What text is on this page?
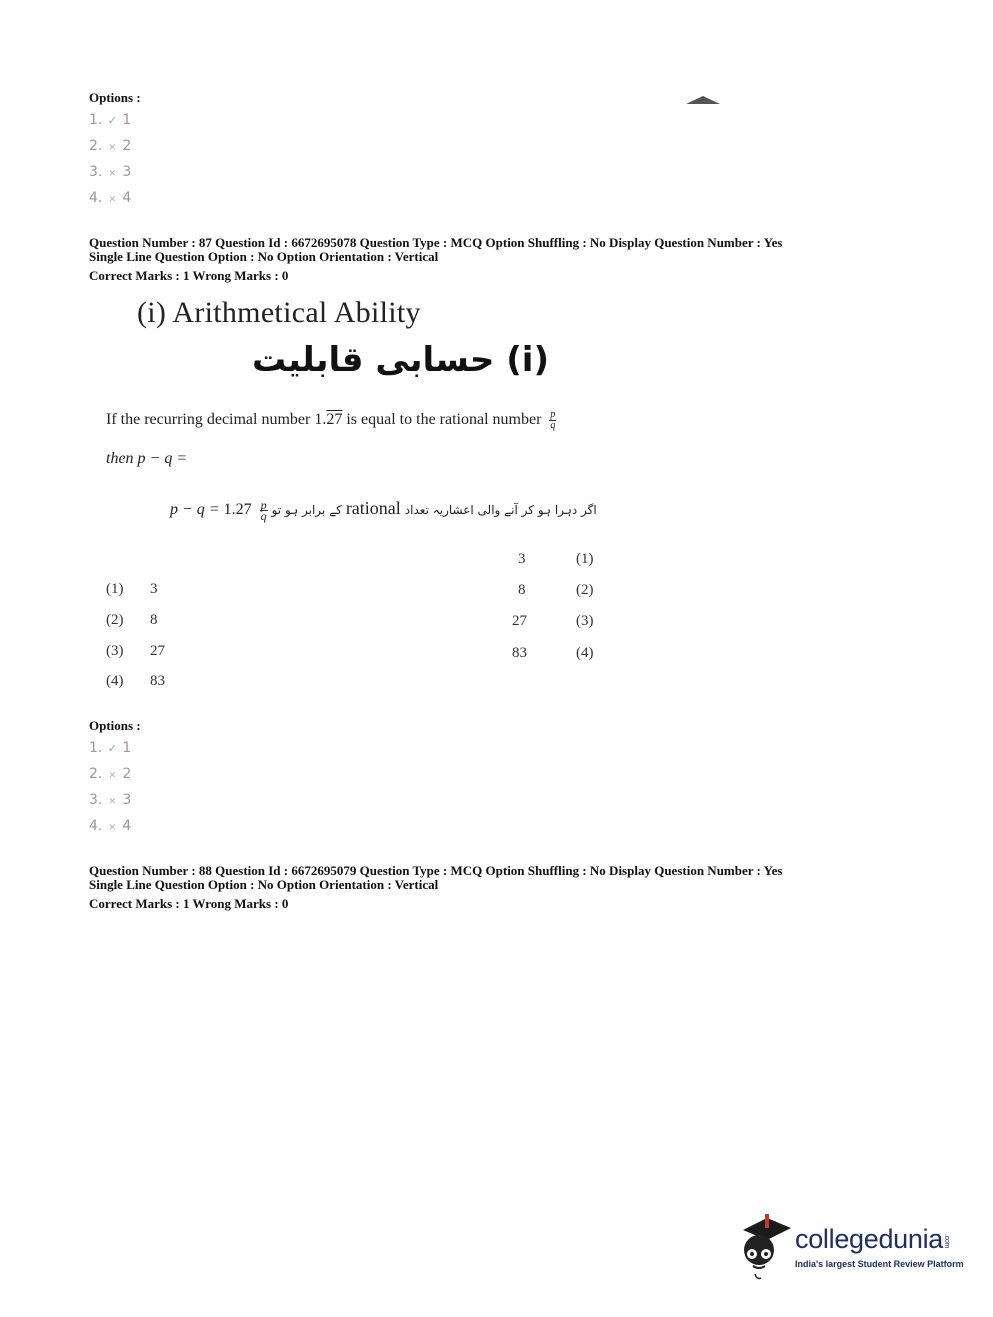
Options :
1. ✓ 1
2. ✕ 2
3. ✕ 3
4. ✕ 4
Question Number : 87 Question Id : 6672695078 Question Type : MCQ Option Shuffling : No Display Question Number : Yes
Single Line Question Option : No Option Orientation : Vertical
Correct Marks : 1 Wrong Marks : 0
(i) Arithmetical Ability
(i) حسابی قابلیت
If the recurring decimal number 1.27 is equal to the rational number $\frac{p}{q}$
then p − q =
p − q =	کے برابر ہو تو
$\frac{p}{q}$
1.27	rational اگر دہرا ہو کر آنے والی اعشاریہ تعداد
3	(1)
8	(2)
27	(3)
83	(4)
(1) 3
(2) 8
(3) 27
(4) 83
Options :
1. ✓ 1
2. ✕ 2
3. ✕ 3
4. ✕ 4
Question Number : 88 Question Id : 6672695079 Question Type : MCQ Option Shuffling : No Display Question Number : Yes
Single Line Question Option : No Option Orientation : Vertical
Correct Marks : 1 Wrong Marks : 0
collegedunia.com
India's largest Student Review Platform
